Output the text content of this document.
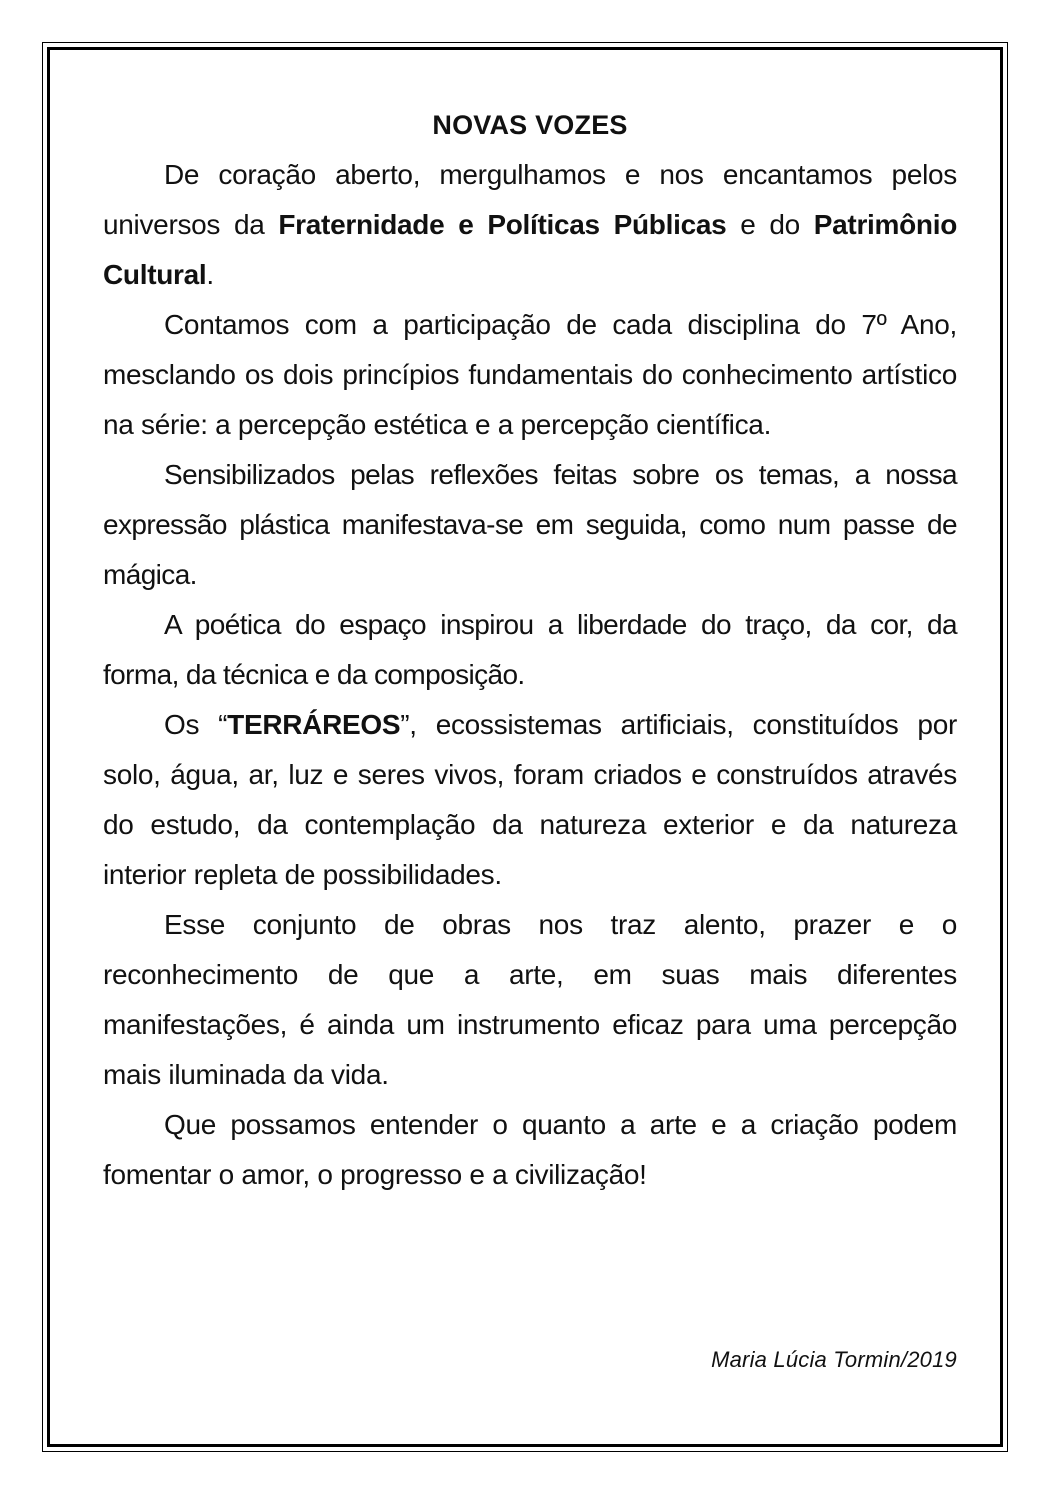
NOVAS VOZES

De coração aberto, mergulhamos e nos encantamos pelos universos da Fraternidade e Políticas Públicas e do Patrimônio Cultural.

Contamos com a participação de cada disciplina do 7º Ano, mesclando os dois princípios fundamentais do conhecimento artístico na série: a percepção estética e a percepção científica.

Sensibilizados pelas reflexões feitas sobre os temas, a nossa expressão plástica manifestava-se em seguida, como num passe de mágica.

A poética do espaço inspirou a liberdade do traço, da cor, da forma, da técnica e da composição.

Os “TERRÁREOS”, ecossistemas artificiais, constituídos por solo, água, ar, luz e seres vivos, foram criados e construídos através do estudo, da contemplação da natureza exterior e da natureza interior repleta de possibilidades.

Esse conjunto de obras nos traz alento, prazer e o reconhecimento de que a arte, em suas mais diferentes manifestações, é ainda um instrumento eficaz para uma percepção mais iluminada da vida.

Que possamos entender o quanto a arte e a criação podem fomentar o amor, o progresso e a civilização!

Maria Lúcia Tormin/2019
